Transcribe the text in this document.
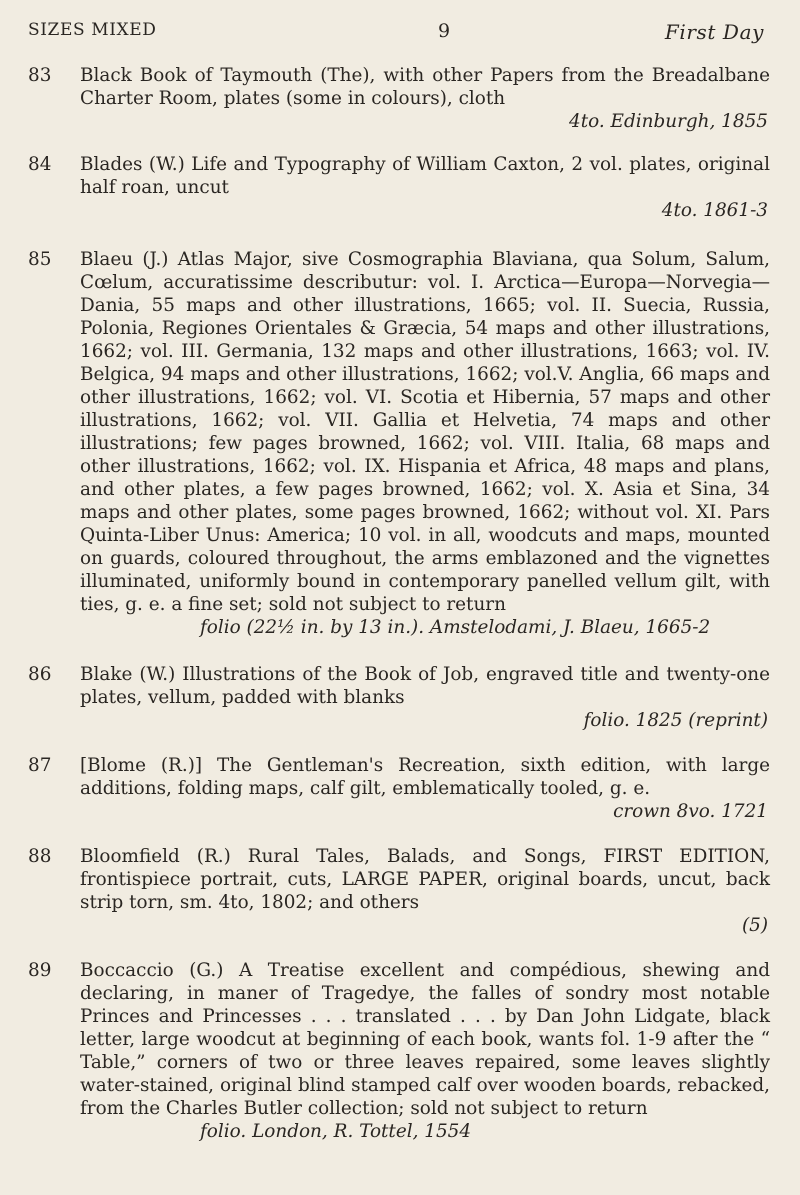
SIZES MIXED	9	First Day
83	Black Book of Taymouth (The), with other Papers from the Breadalbane Charter Room, plates (some in colours), cloth
4to. Edinburgh, 1855
84	Blades (W.) Life and Typography of William Caxton, 2 vol. plates, original half roan, uncut
4to. 1861-3
85	Blaeu (J.) Atlas Major, sive Cosmographia Blaviana, qua Solum, Salum, Cœlum, accuratissime descributur: vol. I. Arctica—Europa—Norvegia—Dania, 55 maps and other illustrations, 1665; vol. II. Suecia, Russia, Polonia, Regiones Orientales & Græcia, 54 maps and other illustrations, 1662; vol. III. Germania, 132 maps and other illustrations, 1663; vol. IV. Belgica, 94 maps and other illustrations, 1662; vol.V. Anglia, 66 maps and other illustrations, 1662; vol. VI. Scotia et Hibernia, 57 maps and other illustrations, 1662; vol. VII. Gallia et Helvetia, 74 maps and other illustrations; few pages browned, 1662; vol. VIII. Italia, 68 maps and other illustrations, 1662; vol. IX. Hispania et Africa, 48 maps and plans, and other plates, a few pages browned, 1662; vol. X. Asia et Sina, 34 maps and other plates, some pages browned, 1662; without vol. XI. Pars Quinta-Liber Unus: America; 10 vol. in all, woodcuts and maps, mounted on guards, coloured throughout, the arms emblazoned and the vignettes illuminated, uniformly bound in contemporary panelled vellum gilt, with ties, g. e. a fine set; sold not subject to return
folio (22½ in. by 13 in.). Amstelodami, J. Blaeu, 1665-2
86	Blake (W.) Illustrations of the Book of Job, engraved title and twenty-one plates, vellum, padded with blanks
folio. 1825 (reprint)
87	[Blome (R.)] The Gentleman's Recreation, sixth edition, with large additions, folding maps, calf gilt, emblematically tooled, g. e.
crown 8vo. 1721
88	Bloomfield (R.) Rural Tales, Balads, and Songs, FIRST EDITION, frontispiece portrait, cuts, LARGE PAPER, original boards, uncut, back strip torn, sm. 4to, 1802; and others
(5)
89	Boccaccio (G.) A Treatise excellent and compédious, shewing and declaring, in maner of Tragedye, the falles of sondry most notable Princes and Princesses . . . translated . . . by Dan John Lidgate, black letter, large woodcut at beginning of each book, wants fol. 1-9 after the “ Table,” corners of two or three leaves repaired, some leaves slightly water-stained, original blind stamped calf over wooden boards, rebacked, from the Charles Butler collection; sold not subject to return
folio. London, R. Tottel, 1554
